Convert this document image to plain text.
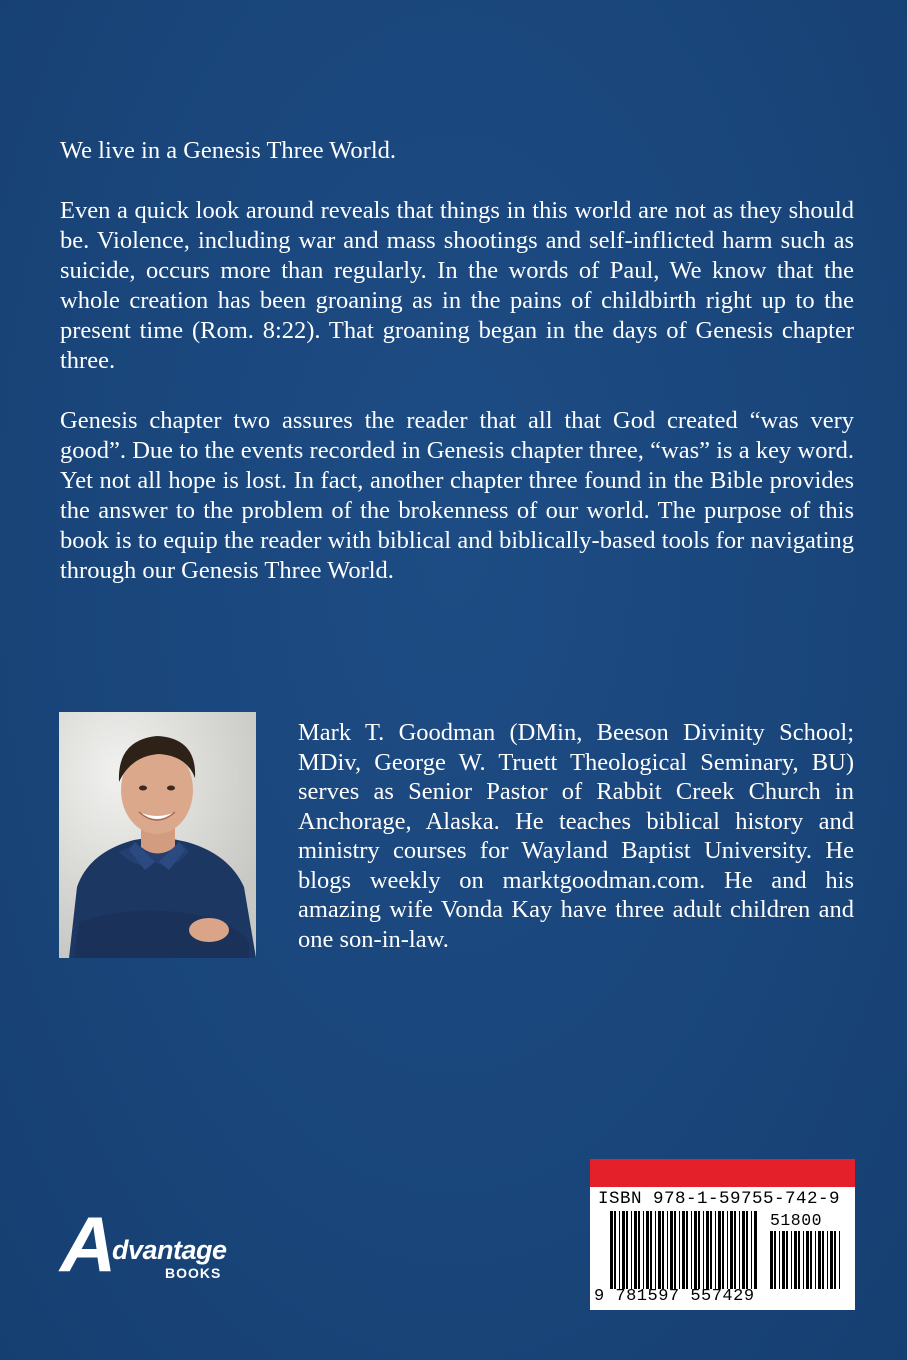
We live in a Genesis Three World.

Even a quick look around reveals that things in this world are not as they should be. Violence, including war and mass shootings and self-inflicted harm such as suicide, occurs more than regularly. In the words of Paul, We know that the whole creation has been groaning as in the pains of childbirth right up to the present time (Rom. 8:22). That groaning began in the days of Genesis chapter three.

Genesis chapter two assures the reader that all that God created “was very good”. Due to the events recorded in Genesis chapter three, “was” is a key word. Yet not all hope is lost. In fact, another chapter three found in the Bible provides the answer to the problem of the brokenness of our world. The purpose of this book is to equip the reader with biblical and biblically-based tools for navigating through our Genesis Three World.

Mark T. Goodman (DMin, Beeson Divinity School; MDiv, George W. Truett Theological Seminary, BU) serves as Senior Pastor of Rabbit Creek Church in Anchorage, Alaska. He teaches biblical history and ministry courses for Wayland Baptist University. He blogs weekly on marktgoodman.com. He and his amazing wife Vonda Kay have three adult children and one son-in-law.
A
dvantage
BOOKS
ISBN 978-1-59755-742-9
51800
9 781597 557429
